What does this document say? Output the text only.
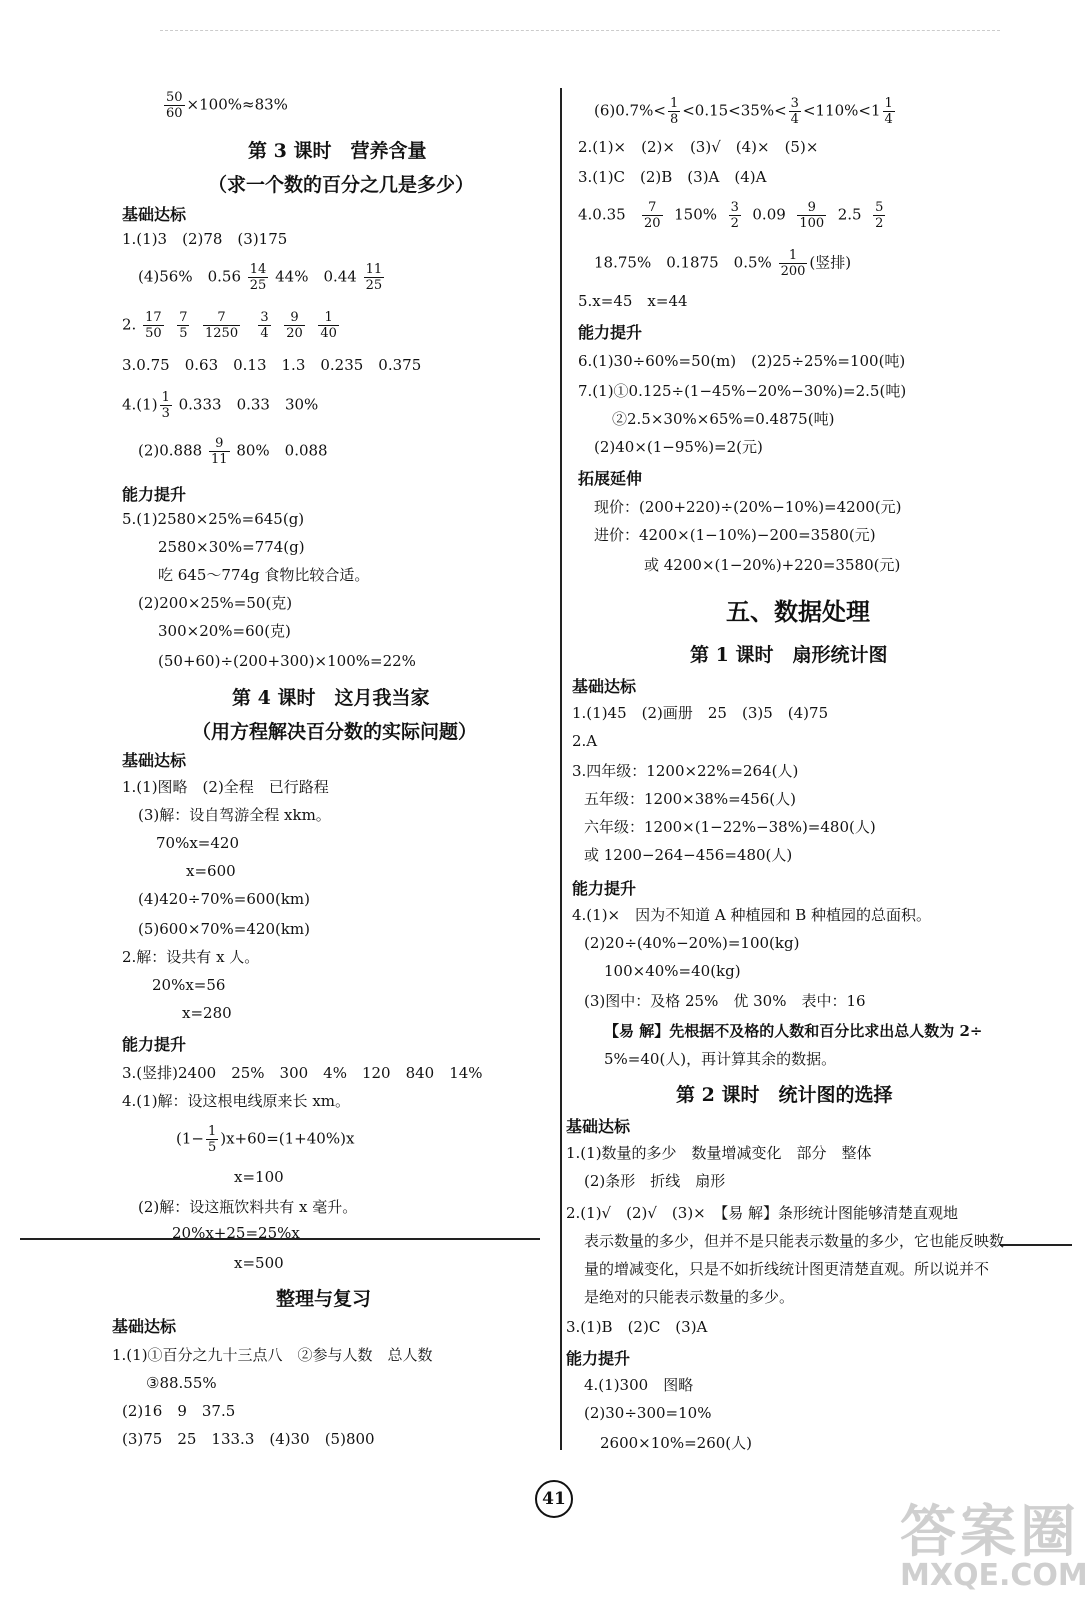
$\frac{50}{60} \times 100\%\approx 83\%$
第 3 课时　营养含量
（求一个数的百分之几是多少）
基础达标
1.(1)3　(2)78　(3)175
(4)56%　$0.56 \frac{14}{25} 44\%$　$0.44 \frac{11}{25}$
2. $\frac{17}{50}$
$\frac{7}{5}$
$\frac{7}{1250}$
$\frac{3}{4}$
$\frac{9}{20}$
$\frac{1}{40}$
3.0.75　0.63　0.13　1.3　0.235　0.375
$4.(1) \frac{1}{3} 0.333$　0.33　30%
$(2)0.888 \frac{9}{11} 80\%$　0.088
能力提升
5.(1)2580×25%=645(g)
2580×30%=774(g)
吃 645～774g 食物比较合适。
(2)200×25%=50(克)
300×20%=60(克)
(50+60)÷(200+300)×100%=22%
第 4 课时　这月我当家
（用方程解决百分数的实际问题）
基础达标
1.(1)图略　(2)全程　已行路程
(3)解：设自驾游全程 xkm。
70%x=420
x=600
(4)420÷70%=600(km)
(5)600×70%=420(km)
2.解：设共有 x 人。
20%x=56
x=280
能力提升
3.(竖排)2400　25%　300　4%　120　840　14%
4.(1)解：设这根电线原来长 xm。
$(1- \frac{1}{5} )x+60=(1+40\%)x$
x=100
(2)解：设这瓶饮料共有 x 毫升。
20%x+25=25%x
x=500
整理与复习
基础达标
1.(1)①百分之九十三点八　②参与人数　总人数
③88.55%
(2)16　9　37.5
(3)75　25　133.3　(4)30　(5)800
$(6)0.7\%< \frac{1}{8} <0.15<35\%< \frac{3}{4} <110\%<1 \frac{1}{4}$
2.(1)×　(2)×　(3)√　(4)×　(5)×
3.(1)C　(2)B　(3)A　(4)A
$4.0.35 \frac{7}{20} 150\% \frac{3}{2} 0.09 \frac{9}{100} 2.5 \frac{5}{2}$
18.75%　0.1875　$0.5\% \frac{1}{200}$ (竖排)
5.x=45　x=44
能力提升
6.(1)30÷60%=50(m)　(2)25÷25%=100(吨)
7.(1)①0.125÷(1−45%−20%−30%)=2.5(吨)
②2.5×30%×65%=0.4875(吨)
(2)40×(1−95%)=2(元)
拓展延伸
现价：(200+220)÷(20%−10%)=4200(元)
进价：4200×(1−10%)−200=3580(元)
或 4200×(1−20%)+220=3580(元)
五、数据处理
第 1 课时　扇形统计图
基础达标
1.(1)45　(2)画册　25　(3)5　(4)75
2.A
3.四年级：1200×22%=264(人)
五年级：1200×38%=456(人)
六年级：1200×(1−22%−38%)=480(人)
或 1200−264−456=480(人)
能力提升
4.(1)×　因为不知道 A 种植园和 B 种植园的总面积。
(2)20÷(40%−20%)=100(kg)
100×40%=40(kg)
(3)图中：及格 25%　优 30%　表中：16
【易 解】先根据不及格的人数和百分比求出总人数为 2÷
5%=40(人)，再计算其余的数据。
第 2 课时　统计图的选择
基础达标
1.(1)数量的多少　数量增减变化　部分　整体
(2)条形　折线　扇形
2.(1)√　(2)√　(3)×　【易 解】条形统计图能够清楚直观地
表示数量的多少，但并不是只能表示数量的多少，它也能反映数
量的增减变化，只是不如折线统计图更清楚直观。所以说并不
是绝对的只能表示数量的多少。
3.(1)B　(2)C　(3)A
能力提升
4.(1)300　图略
(2)30÷300=10%
2600×10%=260(人)
41
答案圈
MXQE.COM
